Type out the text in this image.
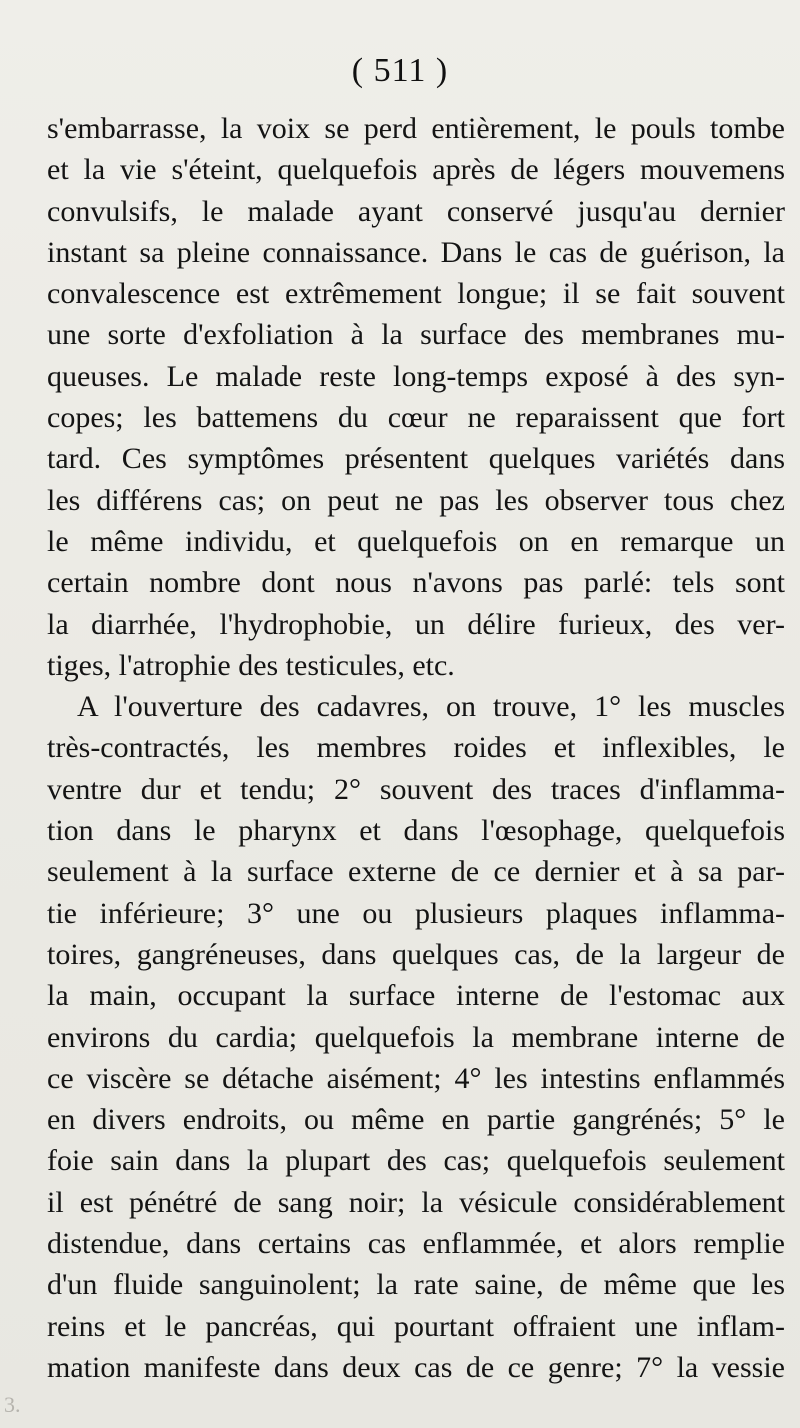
( 511 )
s'embarrasse, la voix se perd entièrement, le pouls tombe
et la vie s'éteint, quelquefois après de légers mouvemens
convulsifs, le malade ayant conservé jusqu'au dernier
instant sa pleine connaissance. Dans le cas de guérison, la
convalescence est extrêmement longue; il se fait souvent
une sorte d'exfoliation à la surface des membranes mu-
queuses. Le malade reste long-temps exposé à des syn-
copes; les battemens du cœur ne reparaissent que fort
tard. Ces symptômes présentent quelques variétés dans
les différens cas; on peut ne pas les observer tous chez
le même individu, et quelquefois on en remarque un
certain nombre dont nous n'avons pas parlé: tels sont
la diarrhée, l'hydrophobie, un délire furieux, des ver-
tiges, l'atrophie des testicules, etc.
A l'ouverture des cadavres, on trouve, 1° les muscles
très-contractés, les membres roides et inflexibles, le
ventre dur et tendu; 2° souvent des traces d'inflamma-
tion dans le pharynx et dans l'œsophage, quelquefois
seulement à la surface externe de ce dernier et à sa par-
tie inférieure; 3° une ou plusieurs plaques inflamma-
toires, gangréneuses, dans quelques cas, de la largeur de
la main, occupant la surface interne de l'estomac aux
environs du cardia; quelquefois la membrane interne de
ce viscère se détache aisément; 4° les intestins enflammés
en divers endroits, ou même en partie gangrénés; 5° le
foie sain dans la plupart des cas; quelquefois seulement
il est pénétré de sang noir; la vésicule considérablement
distendue, dans certains cas enflammée, et alors remplie
d'un fluide sanguinolent; la rate saine, de même que les
reins et le pancréas, qui pourtant offraient une inflam-
mation manifeste dans deux cas de ce genre; 7° la vessie
3.
